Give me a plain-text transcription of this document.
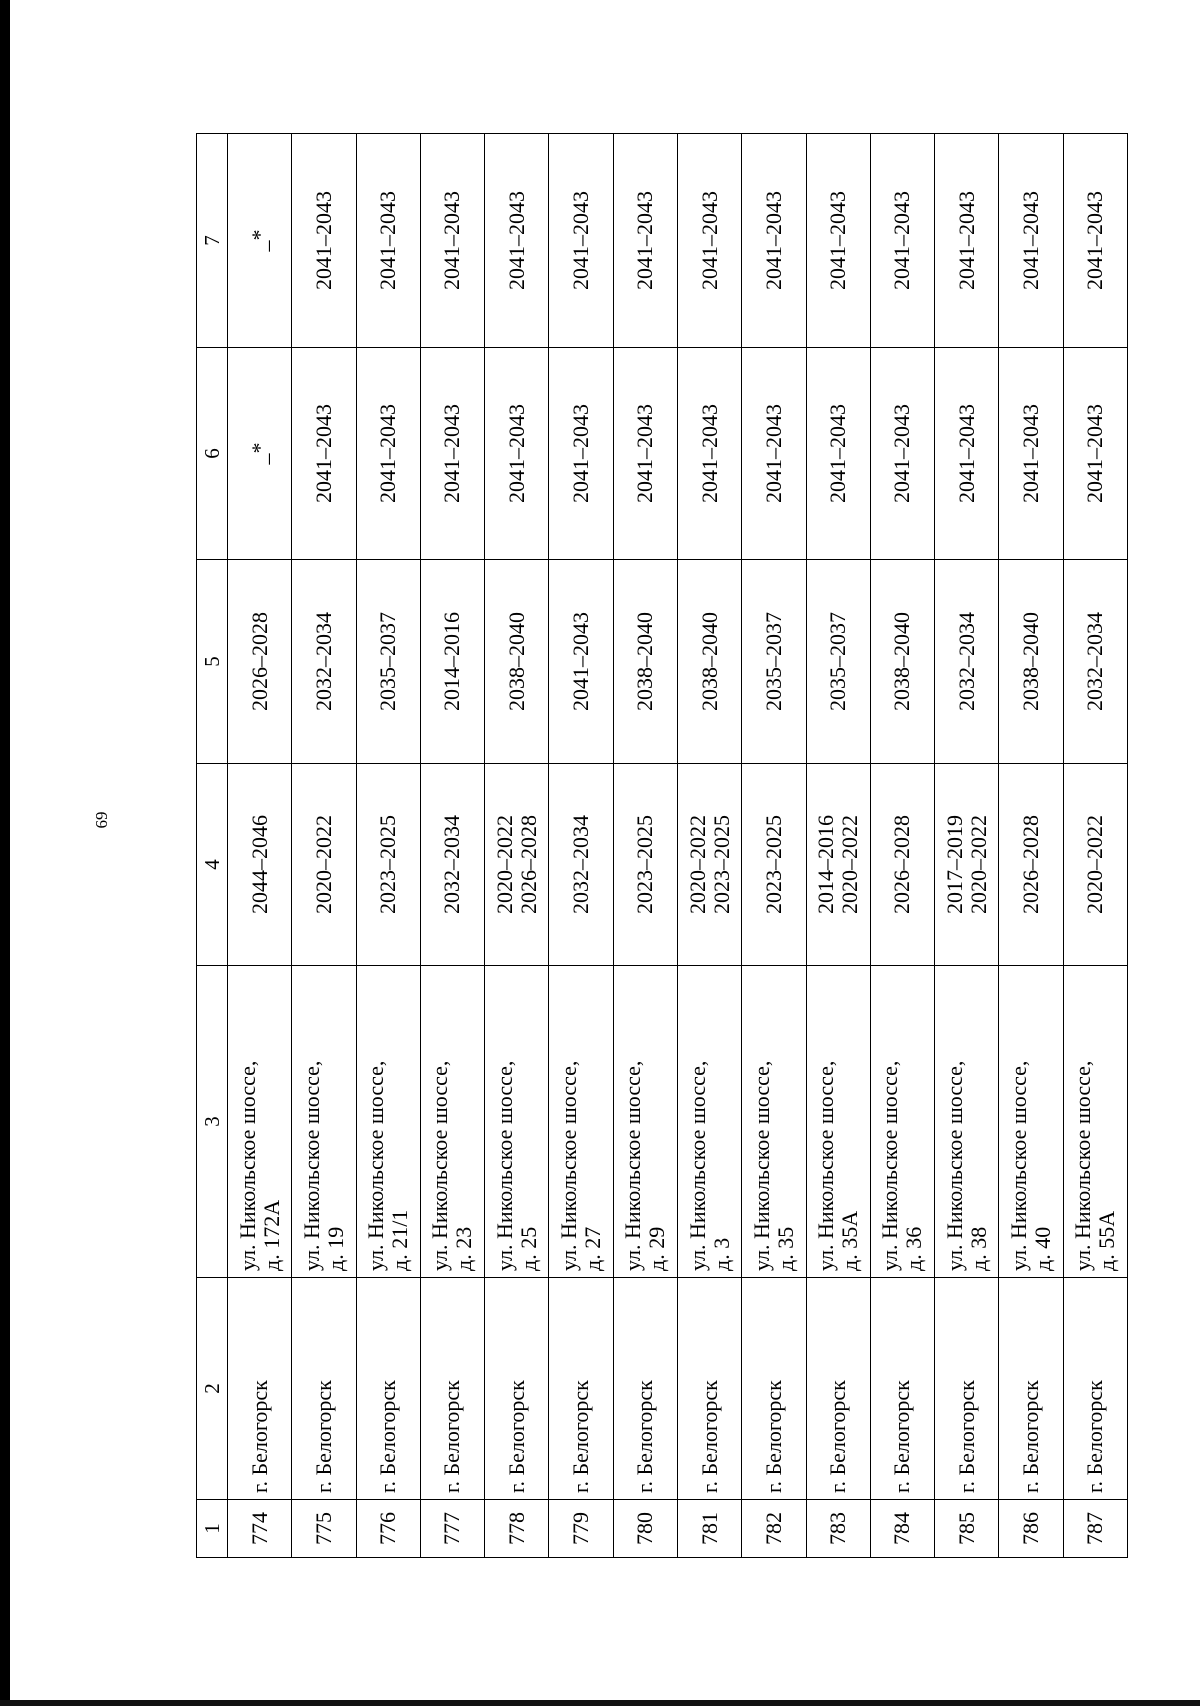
69
1	2	3	4	5	6	7
774	г. Белогорск	ул. Никольское шоссе, д. 172А	2044–2046	2026–2028	_*	_*
775	г. Белогорск	ул. Никольское шоссе, д. 19	2020–2022	2032–2034	2041–2043	2041–2043
776	г. Белогорск	ул. Никольское шоссе, д. 21/1	2023–2025	2035–2037	2041–2043	2041–2043
777	г. Белогорск	ул. Никольское шоссе, д. 23	2032–2034	2014–2016	2041–2043	2041–2043
778	г. Белогорск	ул. Никольское шоссе, д. 25	2020–2022 2026–2028	2038–2040	2041–2043	2041–2043
779	г. Белогорск	ул. Никольское шоссе, д. 27	2032–2034	2041–2043	2041–2043	2041–2043
780	г. Белогорск	ул. Никольское шоссе, д. 29	2023–2025	2038–2040	2041–2043	2041–2043
781	г. Белогорск	ул. Никольское шоссе, д. 3	2020–2022 2023–2025	2038–2040	2041–2043	2041–2043
782	г. Белогорск	ул. Никольское шоссе, д. 35	2023–2025	2035–2037	2041–2043	2041–2043
783	г. Белогорск	ул. Никольское шоссе, д. 35А	2014–2016 2020–2022	2035–2037	2041–2043	2041–2043
784	г. Белогорск	ул. Никольское шоссе, д. 36	2026–2028	2038–2040	2041–2043	2041–2043
785	г. Белогорск	ул. Никольское шоссе, д. 38	2017–2019 2020–2022	2032–2034	2041–2043	2041–2043
786	г. Белогорск	ул. Никольское шоссе, д. 40	2026–2028	2038–2040	2041–2043	2041–2043
787	г. Белогорск	ул. Никольское шоссе, д. 55А	2020–2022	2032–2034	2041–2043	2041–2043
